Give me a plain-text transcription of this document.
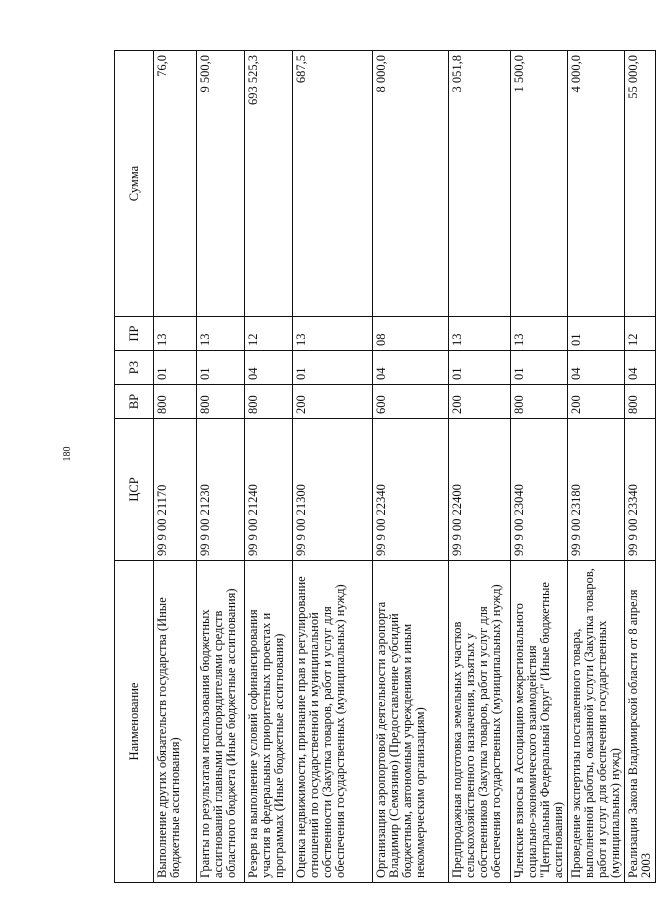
180
Наименование	ЦСР	ВР	РЗ	ПР	Сумма
Выполнение других обязательств государства (Иные бюджетные ассигнования)	99 9 00 21170	800	01	13	76,0
Гранты по результатам использования бюджетных ассигнований главными распорядителями средств областного бюджета (Иные бюджетные ассигнования)	99 9 00 21230	800	01	13	9 500,0
Резерв на выполнение условий софинансирования участия в федеральных приоритетных проектах и программах (Иные бюджетные ассигнования)	99 9 00 21240	800	04	12	693 525,3
Оценка недвижимости, признание прав и регулирование отношений по государственной и муниципальной собственности (Закупка товаров, работ и услуг для обеспечения государственных (муниципальных) нужд)	99 9 00 21300	200	01	13	687,5
Организация аэропортовой деятельности аэропорта Владимир (Семязино) (Предоставление субсидий бюджетным, автономным учреждениям и иным некоммерческим организациям)	99 9 00 22340	600	04	08	8 000,0
Предпродажная подготовка земельных участков сельскохозяйственного назначения, изъятых у собственников (Закупка товаров, работ и услуг для обеспечения государственных (муниципальных) нужд)	99 9 00 22400	200	01	13	3 051,8
Членские взносы в Ассоциацию межрегионального социально-экономического взаимодействия "Центральный Федеральный Округ" (Иные бюджетные ассигнования)	99 9 00 23040	800	01	13	1 500,0
Проведение экспертизы поставленного товара, выполненной работы, оказанной услуги (Закупка товаров, работ и услуг для обеспечения государственных (муниципальных) нужд)	99 9 00 23180	200	04	01	4 000,0
Реализация Закона Владимирской области от 8 апреля 2003	99 9 00 23340	800	04	12	55 000,0
